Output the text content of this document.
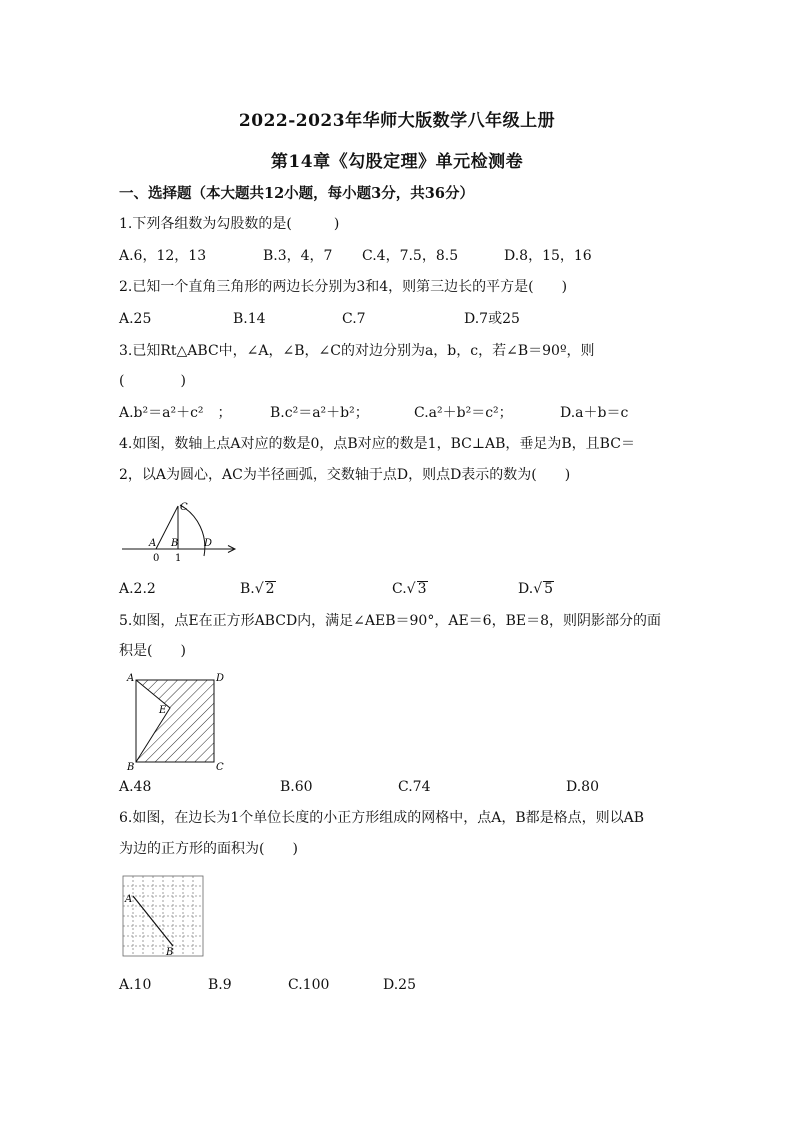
2022-2023年华师大版数学八年级上册
第14章《勾股定理》单元检测卷
一、选择题（本大题共12小题，每小题3分，共36分）
1.下列各组数为勾股数的是(　　　)
A.6，12，13	B.3，4，7 C.4，7.5，8.5	D.8，15，16
2.已知一个直角三角形的两边长分别为3和4，则第三边长的平方是(　　)
A.25	B.14	C.7	D.7或25
3.已知Rt△ABC中，∠A，∠B，∠C的对边分别为a，b，c，若∠B＝90º，则
(　　　　)
A.b²＝a²＋c²　；	B.c²＝a²＋b²；	C.a²＋b²＝c²；	D.a＋b＝c
4.如图，数轴上点A对应的数是0，点B对应的数是1，BC⊥AB，垂足为B，且BC＝
2，以A为圆心，AC为半径画弧，交数轴于点D，则点D表示的数为(　　)
A B
C
D
0 1
A.2.2	B.√ 2	C.√ 3	D.√ 5
5.如图，点E在正方形ABCD内，满足∠AEB＝90°，AE＝6，BE＝8，则阴影部分的面
积是(　　)
A	D
B	C
E
A.48	B.60	C.74	D.80
6.如图，在边长为1个单位长度的小正方形组成的网格中，点A，B都是格点，则以AB
为边的正方形的面积为(　　)
A
B
A.10	B.9	C.100	D.25
